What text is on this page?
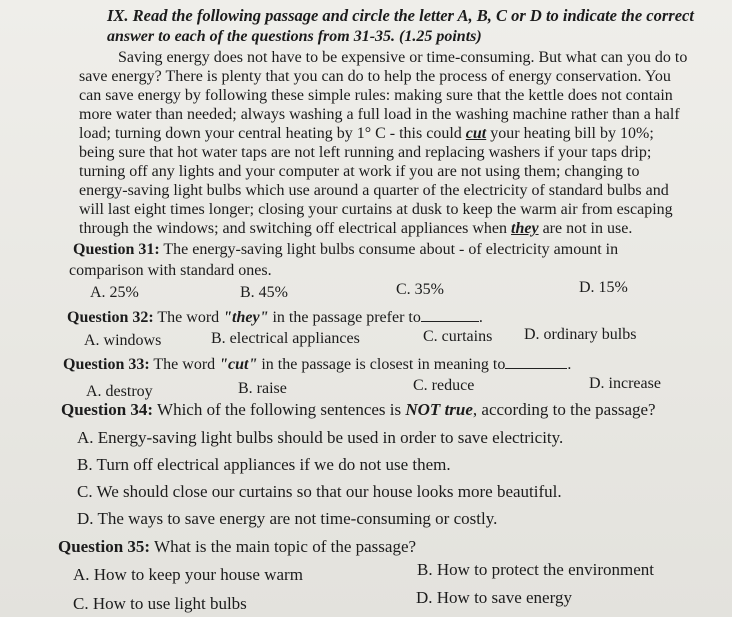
IX. Read the following passage and circle the letter A, B, C or D to indicate the correct
answer to each of the questions from 31-35. (1.25 points)
Saving energy does not have to be expensive or time-consuming. But what can you do to
save energy? There is plenty that you can do to help the process of energy conservation. You
can save energy by following these simple rules: making sure that the kettle does not contain
more water than needed; always washing a full load in the washing machine rather than a half
load; turning down your central heating by 1° C - this could cut your heating bill by 10%;
being sure that hot water taps are not left running and replacing washers if your taps drip;
turning off any lights and your computer at work if you are not using them; changing to
energy-saving light bulbs which use around a quarter of the electricity of standard bulbs and
will last eight times longer; closing your curtains at dusk to keep the warm air from escaping
through the windows; and switching off electrical appliances when they are not in use.
Question 31: The energy-saving light bulbs consume about - of electricity amount in
comparison with standard ones.
A. 25%	B. 45%	C. 35%	D. 15%
Question 32: The word "they" in the passage prefer to	.
A. windows	B. electrical appliances	C. curtains D. ordinary bulbs
Question 33: The word "cut" in the passage is closest in meaning to	.
A. destroy	B. raise	C. reduce	D. increase
Question 34: Which of the following sentences is NOT true, according to the passage?
A. Energy-saving light bulbs should be used in order to save electricity.
B. Turn off electrical appliances if we do not use them.
C. We should close our curtains so that our house looks more beautiful.
D. The ways to save energy are not time-consuming or costly.
Question 35: What is the main topic of the passage?
A. How to keep your house warm	B. How to protect the environment
C. How to use light bulbs	D. How to save energy
